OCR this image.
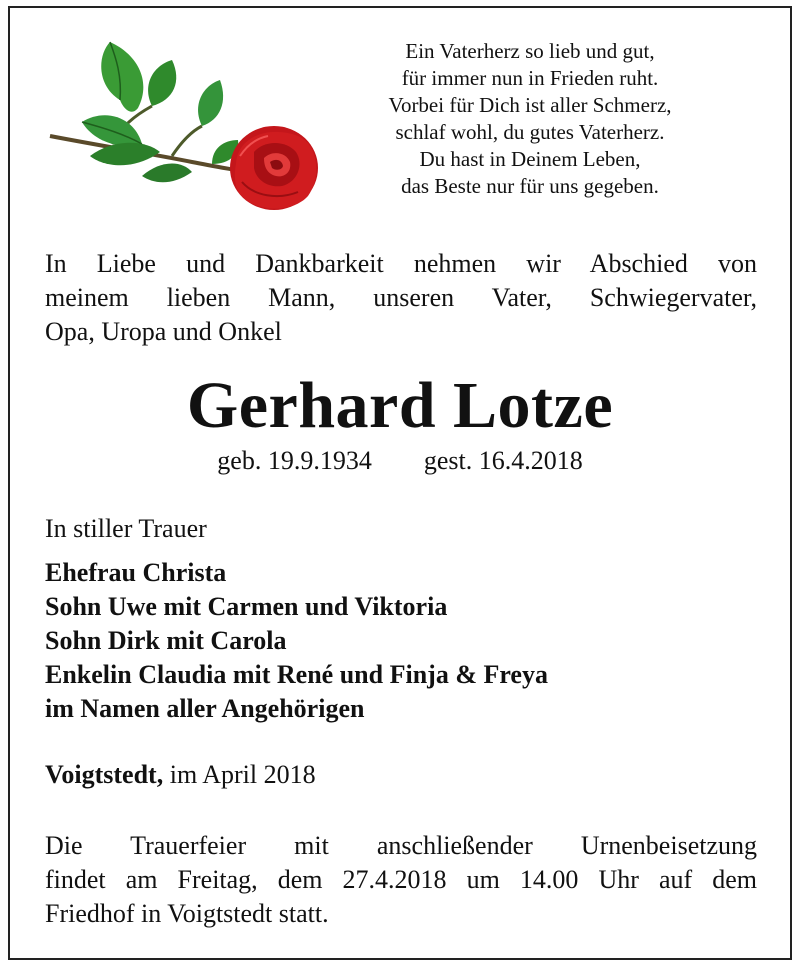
Ein Vaterherz so lieb und gut,
für immer nun in Frieden ruht.
Vorbei für Dich ist aller Schmerz,
schlaf wohl, du gutes Vaterherz.
Du hast in Deinem Leben,
das Beste nur für uns gegeben.
In Liebe und Dankbarkeit nehmen wir Abschied von
meinem lieben Mann, unseren Vater, Schwiegervater,
Opa, Uropa und Onkel
Gerhard Lotze
geb. 19.9.1934 gest. 16.4.2018
In stiller Trauer
Ehefrau Christa
Sohn Uwe mit Carmen und Viktoria
Sohn Dirk mit Carola
Enkelin Claudia mit René und Finja & Freya
im Namen aller Angehörigen
Voigtstedt, im April 2018
Die Trauerfeier mit anschließender Urnenbeisetzung
findet am Freitag, dem 27.4.2018 um 14.00 Uhr auf dem
Friedhof in Voigtstedt statt.
